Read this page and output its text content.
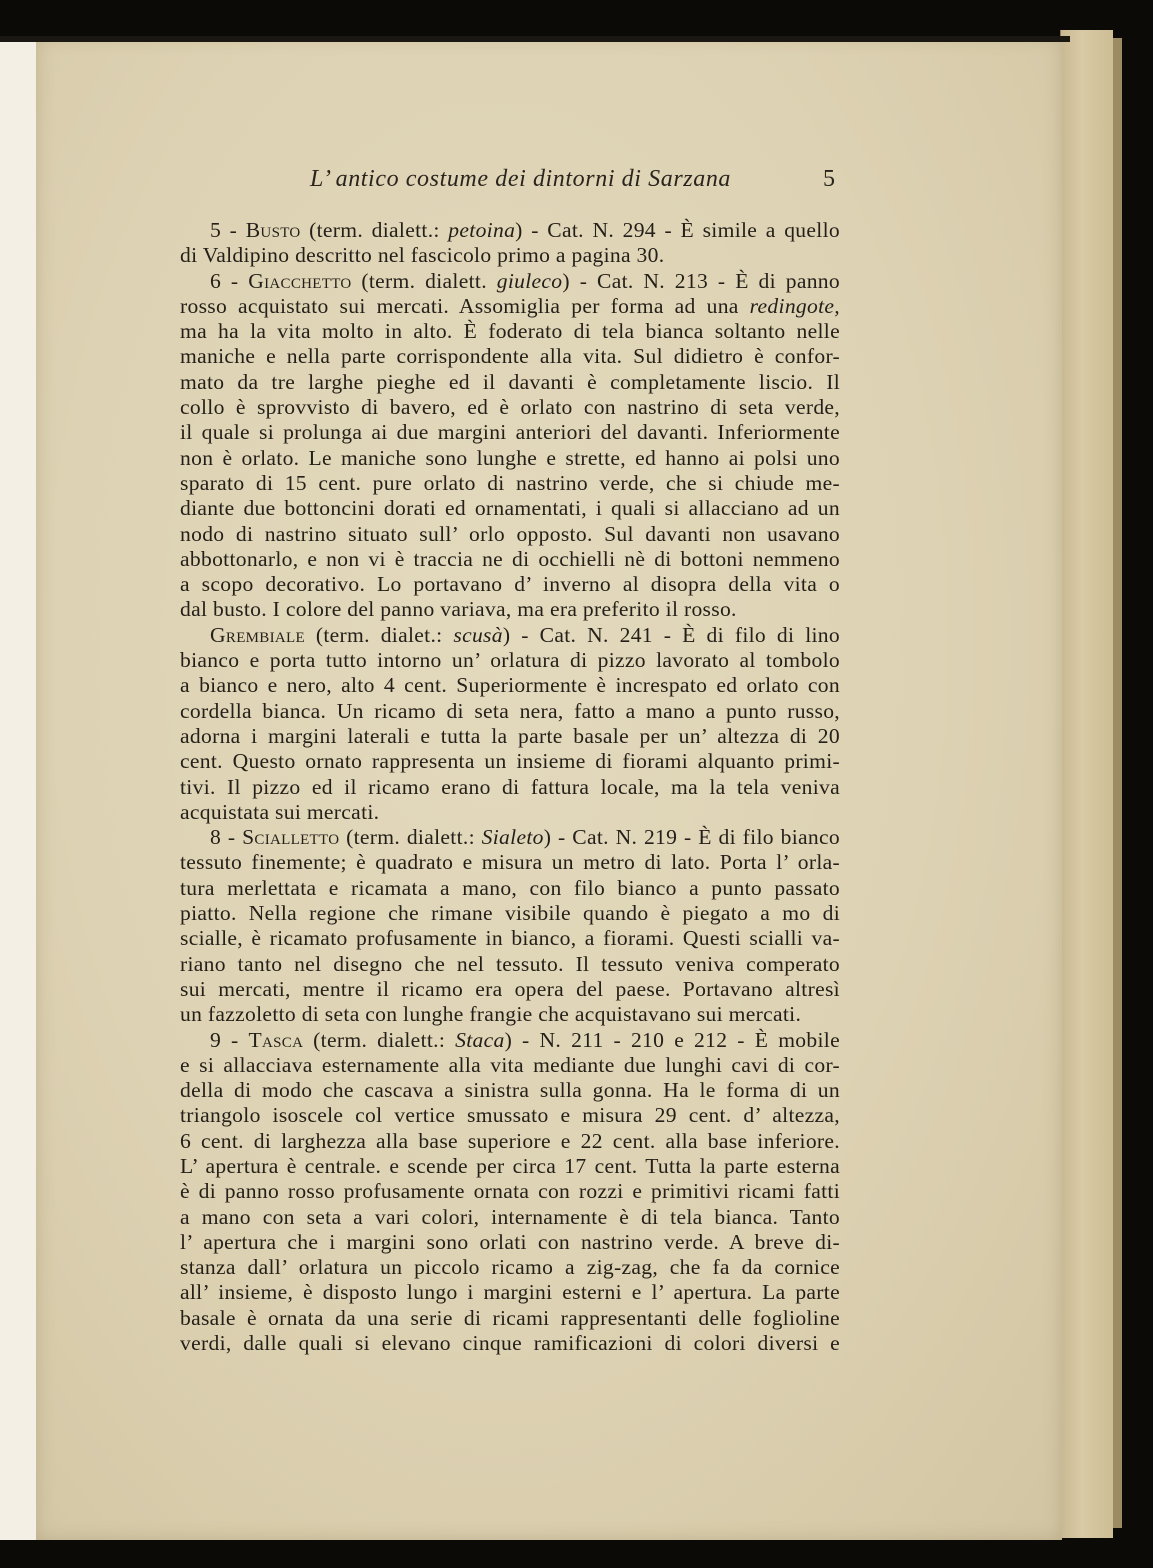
L’ antico costume dei dintorni di Sarzana	5
5 - Busto (term. dialett.: petoina) - Cat. N. 294 - È simile a quello
di Valdipino descritto nel fascicolo primo a pagina 30.
6 - Giacchetto (term. dialett. giuleco) - Cat. N. 213 - È di panno
rosso acquistato sui mercati. Assomiglia per forma ad una redingote,
ma ha la vita molto in alto. È foderato di tela bianca soltanto nelle
maniche e nella parte corrispondente alla vita. Sul didietro è confor-
mato da tre larghe pieghe ed il davanti è completamente liscio. Il
collo è sprovvisto di bavero, ed è orlato con nastrino di seta verde,
il quale si prolunga ai due margini anteriori del davanti. Inferiormente
non è orlato. Le maniche sono lunghe e strette, ed hanno ai polsi uno
sparato di 15 cent. pure orlato di nastrino verde, che si chiude me-
diante due bottoncini dorati ed ornamentati, i quali si allacciano ad un
nodo di nastrino situato sull’ orlo opposto. Sul davanti non usavano
abbottonarlo, e non vi è traccia ne di occhielli nè di bottoni nemmeno
a scopo decorativo. Lo portavano d’ inverno al disopra della vita o
dal busto. I colore del panno variava, ma era preferito il rosso.
Grembiale (term. dialet.: scusà) - Cat. N. 241 - È di filo di lino
bianco e porta tutto intorno un’ orlatura di pizzo lavorato al tombolo
a bianco e nero, alto 4 cent. Superiormente è increspato ed orlato con
cordella bianca. Un ricamo di seta nera, fatto a mano a punto russo,
adorna i margini laterali e tutta la parte basale per un’ altezza di 20
cent. Questo ornato rappresenta un insieme di fiorami alquanto primi-
tivi. Il pizzo ed il ricamo erano di fattura locale, ma la tela veniva
acquistata sui mercati.
8 - Scialletto (term. dialett.: Sialeto) - Cat. N. 219 - È di filo bianco
tessuto finemente; è quadrato e misura un metro di lato. Porta l’ orla-
tura merlettata e ricamata a mano, con filo bianco a punto passato
piatto. Nella regione che rimane visibile quando è piegato a mo di
scialle, è ricamato profusamente in bianco, a fiorami. Questi scialli va-
riano tanto nel disegno che nel tessuto. Il tessuto veniva comperato
sui mercati, mentre il ricamo era opera del paese. Portavano altresì
un fazzoletto di seta con lunghe frangie che acquistavano sui mercati.
9 - Tasca (term. dialett.: Staca) - N. 211 - 210 e 212 - È mobile
e si allacciava esternamente alla vita mediante due lunghi cavi di cor-
della di modo che cascava a sinistra sulla gonna. Ha le forma di un
triangolo isoscele col vertice smussato e misura 29 cent. d’ altezza,
6 cent. di larghezza alla base superiore e 22 cent. alla base inferiore.
L’ apertura è centrale. e scende per circa 17 cent. Tutta la parte esterna
è di panno rosso profusamente ornata con rozzi e primitivi ricami fatti
a mano con seta a vari colori, internamente è di tela bianca. Tanto
l’ apertura che i margini sono orlati con nastrino verde. A breve di-
stanza dall’ orlatura un piccolo ricamo a zig-zag, che fa da cornice
all’ insieme, è disposto lungo i margini esterni e l’ apertura. La parte
basale è ornata da una serie di ricami rappresentanti delle foglioline
verdi, dalle quali si elevano cinque ramificazioni di colori diversi e
